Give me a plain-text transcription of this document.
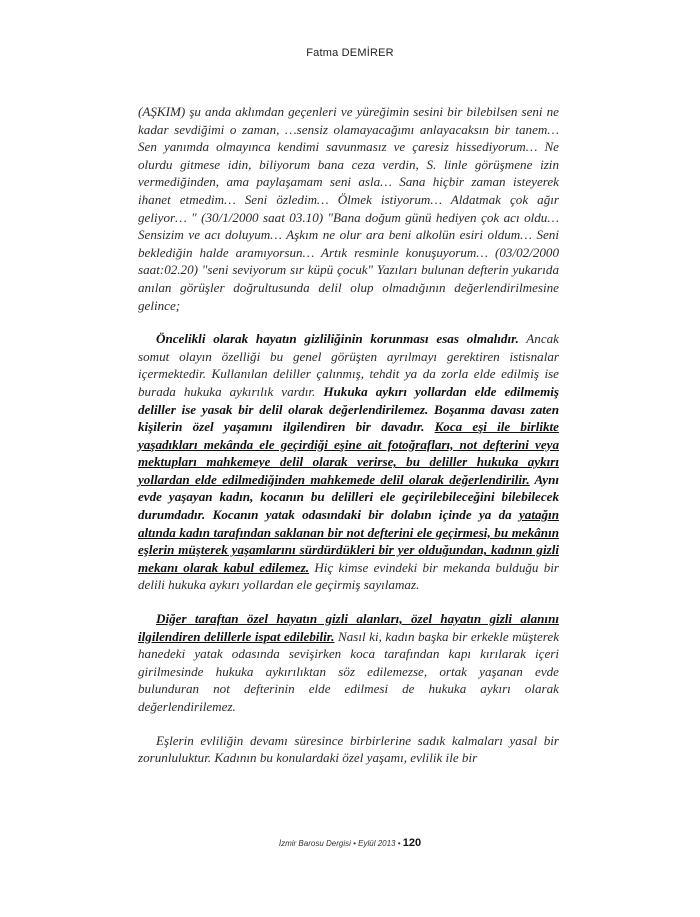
Fatma DEMİRER

(AŞKIM) şu anda aklımdan geçenleri ve yüreğimin sesini bir bilebilsen seni ne kadar sevdiğimi o zaman, …sensiz olamayacağımı anlayacaksın bir tanem… Sen yanımda olmayınca kendimi savunmasız ve çaresiz hissediyorum… Ne olurdu gitmese idin, biliyorum bana ceza verdin, S. linle görüşmene izin vermediğinden, ama paylaşamam seni asla… Sana hiçbir zaman isteyerek ihanet etmedim… Seni özledim… Ölmek istiyorum… Aldatmak çok ağır geliyor… " (30/1/2000 saat 03.10) "Bana doğum günü hediyen çok acı oldu… Sensizim ve acı doluyum… Aşkım ne olur ara beni alkolün esiri oldum… Seni beklediğin halde aramıyorsun… Artık resminle konuşuyorum… (03/02/2000 saat:02.20) "seni seviyorum sır küpü çocuk" Yazıları bulunan defterin yukarıda anılan görüşler doğrultusunda delil olup olmadığının değerlendirilmesine gelince;

Öncelikli olarak hayatın gizliliğinin korunması esas olmalıdır. Ancak somut olayın özelliği bu genel görüşten ayrılmayı gerektiren istisnalar içermektedir. Kullanılan deliller çalınmış, tehdit ya da zorla elde edilmiş ise burada hukuka aykırılık vardır. Hukuka aykırı yollardan elde edilmemiş deliller ise yasak bir delil olarak değerlendirilemez. Boşanma davası zaten kişilerin özel yaşamını ilgilendiren bir davadır. Koca eşi ile birlikte yaşadıkları mekânda ele geçirdiği eşine ait fotoğrafları, not defterini veya mektupları mahkemeye delil olarak verirse, bu deliller hukuka aykırı yollardan elde edilmediğinden mahkemede delil olarak değerlendirilir. Aynı evde yaşayan kadın, kocanın bu delilleri ele geçirilebileceğini bilebilecek durumdadır. Kocanın yatak odasındaki bir dolabın içinde ya da yatağın altında kadın tarafından saklanan bir not defterini ele geçirmesi, bu mekânın eşlerin müşterek yaşamlarını sürdürdükleri bir yer olduğundan, kadının gizli mekanı olarak kabul edilemez. Hiç kimse evindeki bir mekanda bulduğu bir delili hukuka aykırı yollardan ele geçirmiş sayılamaz.

Diğer taraftan özel hayatın gizli alanları, özel hayatın gizli alanını ilgilendiren delillerle ispat edilebilir. Nasıl ki, kadın başka bir erkekle müşterek hanedeki yatak odasında sevişirken koca tarafından kapı kırılarak içeri girilmesinde hukuka aykırılıktan söz edilemezse, ortak yaşanan evde bulunduran not defterinin elde edilmesi de hukuka aykırı olarak değerlendirilemez.

Eşlerin evliliğin devamı süresince birbirlerine sadık kalmaları yasal bir zorunluluktur. Kadının bu konulardaki özel yaşamı, evlilik ile bir

İzmir Barosu Dergisi • Eylül 2013 • 120
